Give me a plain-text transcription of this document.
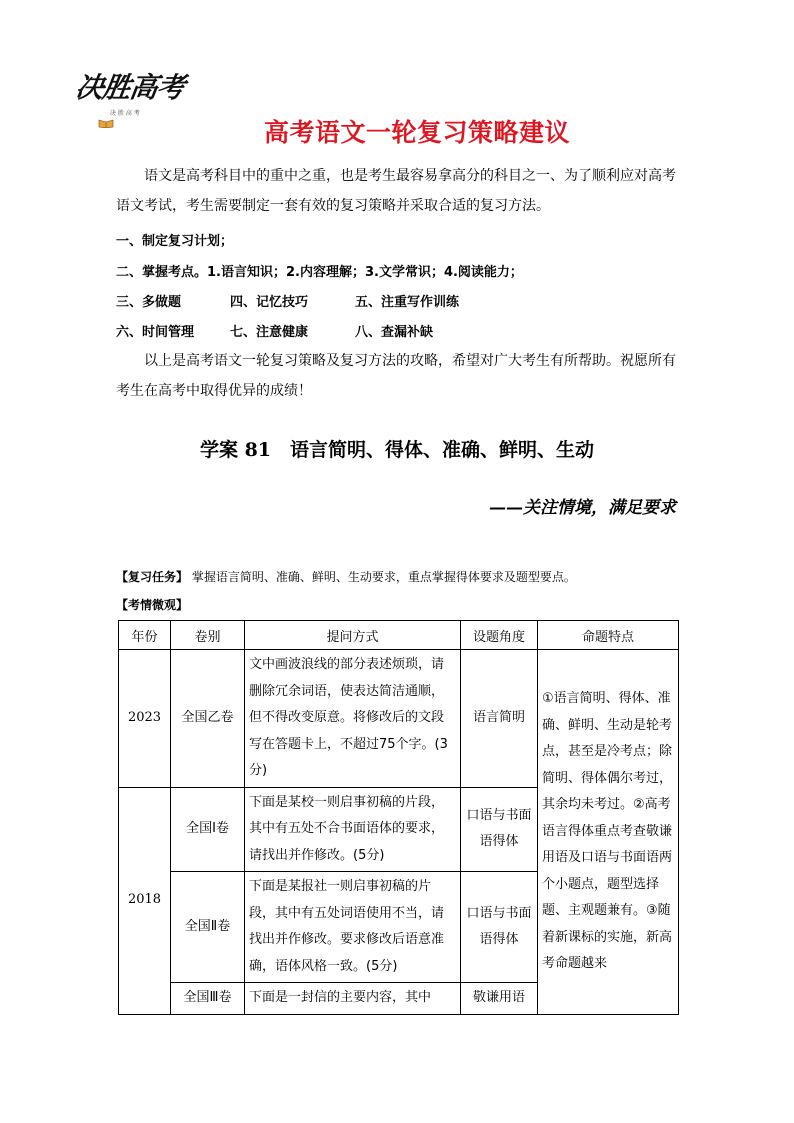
决胜高考
决 胜 高 考
高考语文一轮复习策略建议

语文是高考科目中的重中之重，也是考生最容易拿高分的科目之一、为了顺利应对高考语文考试，考生需要制定一套有效的复习策略并采取合适的复习方法。

一、制定复习计划；

二、掌握考点。1.语言知识；2.内容理解；3.文学常识；4.阅读能力；

三、多做题	四、记忆技巧	五、注重写作训练

六、时间管理	七、注意健康	八、查漏补缺

以上是高考语文一轮复习策略及复习方法的攻略，希望对广大考生有所帮助。祝愿所有考生在高考中取得优异的成绩！

学案 81　语言简明、得体、准确、鲜明、生动
——关注情境，满足要求
【复习任务】 掌握语言简明、准确、鲜明、生动要求，重点掌握得体要求及题型要点。
【考情微观】
年份	卷别	提问方式	设题角度	命题特点
2023	全国乙卷	文中画波浪线的部分表述烦琐，请删除冗余词语，使表达简洁通顺，但不得改变原意。将修改后的文段写在答题卡上，不超过75个字。(3分)	语言简明	①语言简明、得体、准确、鲜明、生动是轮考点，甚至是冷考点；除简明、得体偶尔考过，其余均未考过。②高考语言得体重点考查敬谦用语及口语与书面语两个小题点，题型选择题、主观题兼有。③随着新课标的实施，新高考命题越来
2018	全国Ⅰ卷	下面是某校一则启事初稿的片段，其中有五处不合书面语体的要求，请找出并作修改。(5分)	口语与书面语得体	
	全国Ⅱ卷	下面是某报社一则启事初稿的片段，其中有五处词语使用不当，请找出并作修改。要求修改后语意准确，语体风格一致。(5分)	口语与书面语得体	
	全国Ⅲ卷	下面是一封信的主要内容，其中	敬谦用语	
